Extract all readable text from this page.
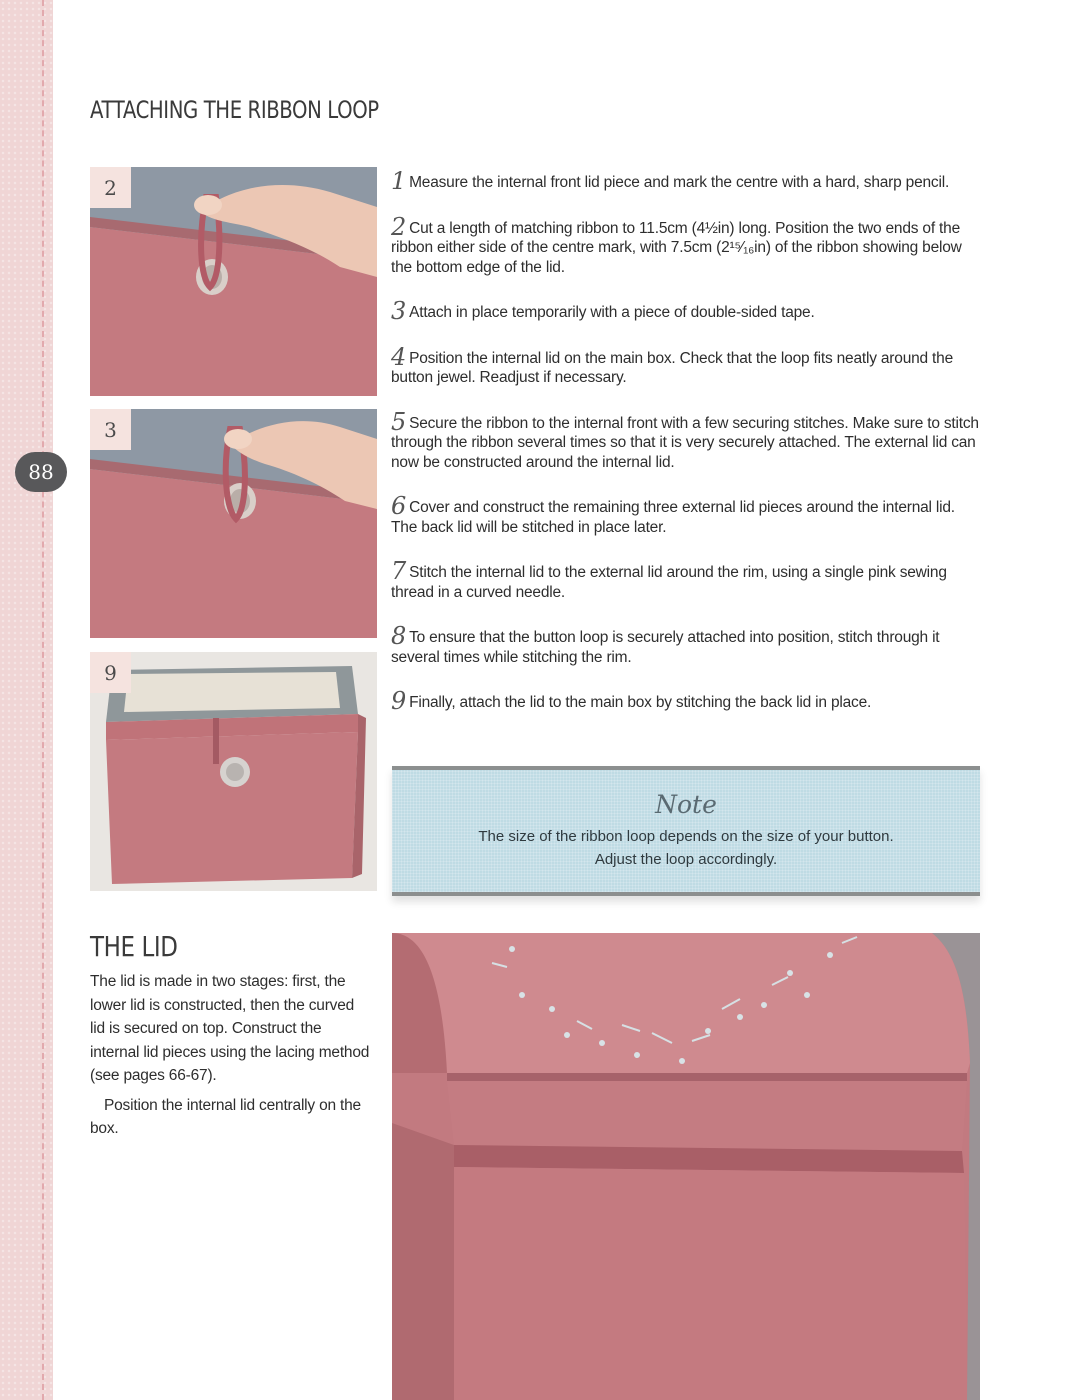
88
ATTACHING THE RIBBON LOOP
2
3
9

1 Measure the internal front lid piece and mark the centre with a hard, sharp pencil.

2 Cut a length of matching ribbon to 11.5cm (4½in) long. Position the two ends of the ribbon either side of the centre mark, with 7.5cm (2¹⁵⁄₁₆in) of the ribbon showing below the bottom edge of the lid.

3 Attach in place temporarily with a piece of double-sided tape.

4 Position the internal lid on the main box. Check that the loop fits neatly around the button jewel. Readjust if necessary.

5 Secure the ribbon to the internal front with a few securing stitches. Make sure to stitch through the ribbon several times so that it is very securely attached. The external lid can now be constructed around the internal lid.

6 Cover and construct the remaining three external lid pieces around the internal lid. The back lid will be stitched in place later.

7 Stitch the internal lid to the external lid around the rim, using a single pink sewing thread in a curved needle.

8 To ensure that the button loop is securely attached into position, stitch through it several times while stitching the rim.

9 Finally, attach the lid to the main box by stitching the back lid in place.

Note
The size of the ribbon loop depends on the size of your button.
Adjust the loop accordingly.
THE LID

The lid is made in two stages: first, the lower lid is constructed, then the curved lid is secured on top. Construct the internal lid pieces using the lacing method (see pages 66-67).

Position the internal lid centrally on the box.
